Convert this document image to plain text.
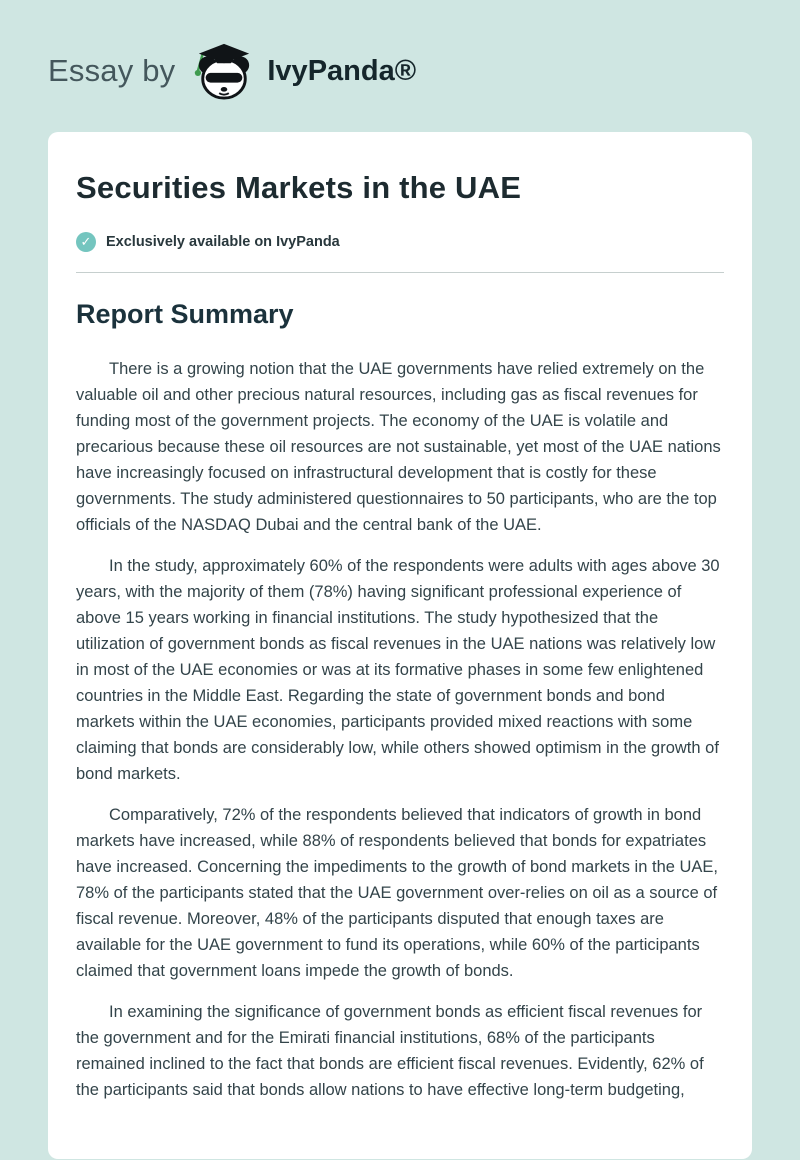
Essay by	IvyPanda®
Securities Markets in the UAE
✓	Exclusively available on IvyPanda
Report Summary

There is a growing notion that the UAE governments have relied extremely on the valuable oil and other precious natural resources, including gas as fiscal revenues for funding most of the government projects. The economy of the UAE is volatile and precarious because these oil resources are not sustainable, yet most of the UAE nations have increasingly focused on infrastructural development that is costly for these governments. The study administered questionnaires to 50 participants, who are the top officials of the NASDAQ Dubai and the central bank of the UAE.

In the study, approximately 60% of the respondents were adults with ages above 30 years, with the majority of them (78%) having significant professional experience of above 15 years working in financial institutions. The study hypothesized that the utilization of government bonds as fiscal revenues in the UAE nations was relatively low in most of the UAE economies or was at its formative phases in some few enlightened countries in the Middle East. Regarding the state of government bonds and bond markets within the UAE economies, participants provided mixed reactions with some claiming that bonds are considerably low, while others showed optimism in the growth of bond markets.

Comparatively, 72% of the respondents believed that indicators of growth in bond markets have increased, while 88% of respondents believed that bonds for expatriates have increased. Concerning the impediments to the growth of bond markets in the UAE, 78% of the participants stated that the UAE government over-relies on oil as a source of fiscal revenue. Moreover, 48% of the participants disputed that enough taxes are available for the UAE government to fund its operations, while 60% of the participants claimed that government loans impede the growth of bonds.

In examining the significance of government bonds as efficient fiscal revenues for the government and for the Emirati financial institutions, 68% of the participants remained inclined to the fact that bonds are efficient fiscal revenues. Evidently, 62% of the participants said that bonds allow nations to have effective long-term budgeting,
